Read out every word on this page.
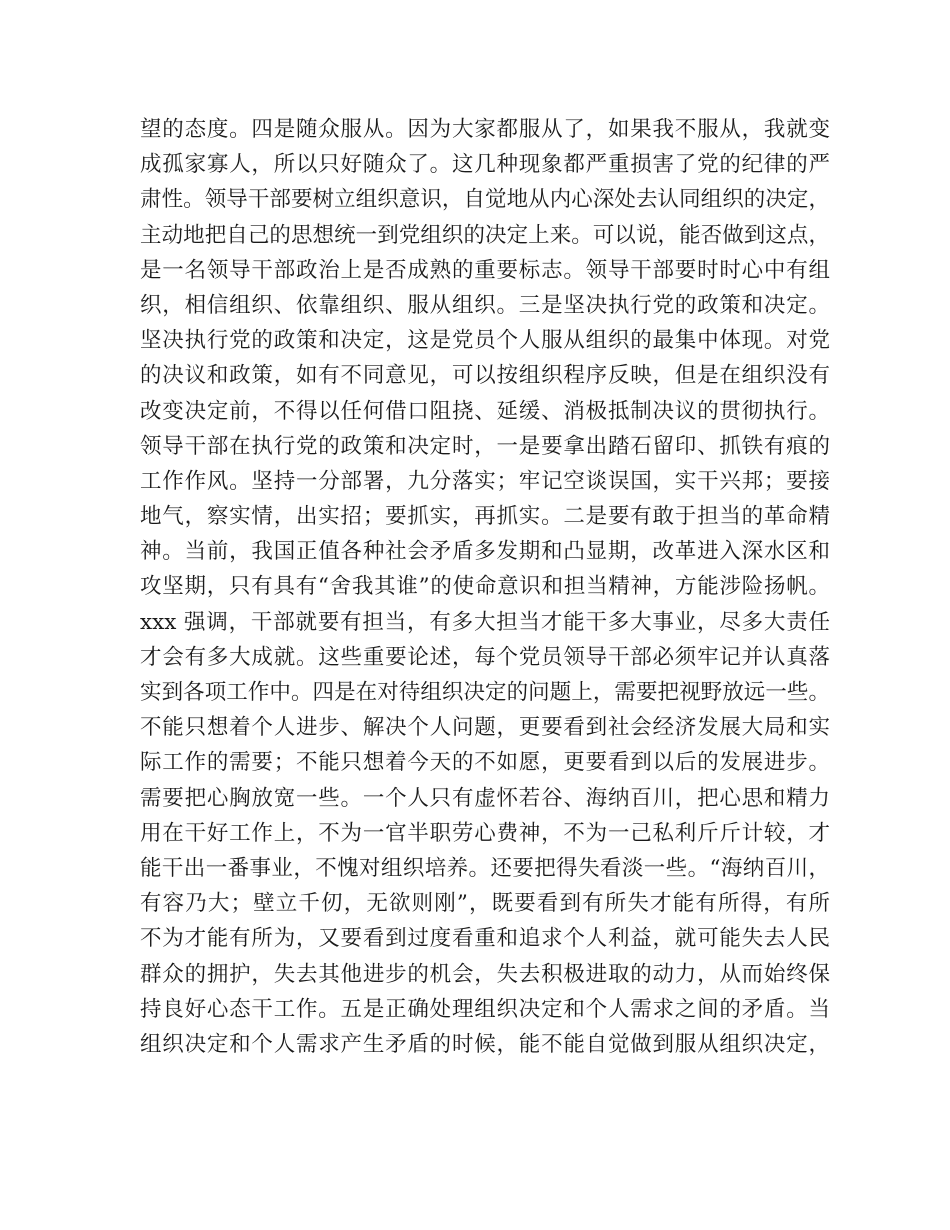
望的态度。四是随众服从。因为大家都服从了，如果我不服从，我就变
成孤家寡人，所以只好随众了。这几种现象都严重损害了党的纪律的严
肃性。领导干部要树立组织意识，自觉地从内心深处去认同组织的决定，
主动地把自己的思想统一到党组织的决定上来。可以说，能否做到这点，
是一名领导干部政治上是否成熟的重要标志。领导干部要时时心中有组
织，相信组织、依靠组织、服从组织。三是坚决执行党的政策和决定。
坚决执行党的政策和决定，这是党员个人服从组织的最集中体现。对党
的决议和政策，如有不同意见，可以按组织程序反映，但是在组织没有
改变决定前，不得以任何借口阻挠、延缓、消极抵制决议的贯彻执行。
领导干部在执行党的政策和决定时，一是要拿出踏石留印、抓铁有痕的
工作作风。坚持一分部署，九分落实；牢记空谈误国，实干兴邦；要接
地气，察实情，出实招；要抓实，再抓实。二是要有敢于担当的革命精
神。当前，我国正值各种社会矛盾多发期和凸显期，改革进入深水区和
攻坚期，只有具有“舍我其谁”的使命意识和担当精神，方能涉险扬帆。
xxx 强调，干部就要有担当，有多大担当才能干多大事业，尽多大责任
才会有多大成就。这些重要论述，每个党员领导干部必须牢记并认真落
实到各项工作中。四是在对待组织决定的问题上，需要把视野放远一些。
不能只想着个人进步、解决个人问题，更要看到社会经济发展大局和实
际工作的需要；不能只想着今天的不如愿，更要看到以后的发展进步。
需要把心胸放宽一些。一个人只有虚怀若谷、海纳百川，把心思和精力
用在干好工作上，不为一官半职劳心费神，不为一己私利斤斤计较，才
能干出一番事业，不愧对组织培养。还要把得失看淡一些。“海纳百川，
有容乃大；壁立千仞，无欲则刚”，既要看到有所失才能有所得，有所
不为才能有所为，又要看到过度看重和追求个人利益，就可能失去人民
群众的拥护，失去其他进步的机会，失去积极进取的动力，从而始终保
持良好心态干工作。五是正确处理组织决定和个人需求之间的矛盾。当
组织决定和个人需求产生矛盾的时候，能不能自觉做到服从组织决定，
